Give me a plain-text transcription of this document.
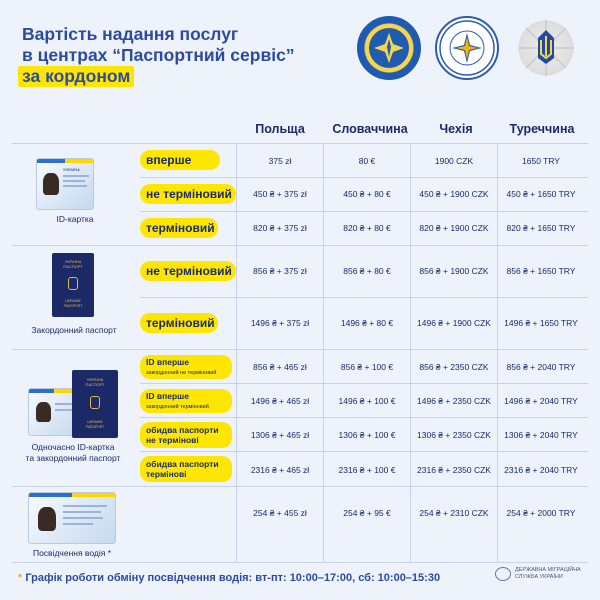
Вартість надання послуг
в центрах “Паспортний сервіс”
за кордоном
Польща	Словаччина	Чехія	Туреччина
УКРАЇНА
ID-картка
вперше
не терміновий
терміновий
375 zł	80 €	1900 CZK	1650 TRY
450 ₴ + 375 zł	450 ₴ + 80 €	450 ₴ + 1900 CZK	450 ₴ + 1650 TRY
820 ₴ + 375 zł	820 ₴ + 80 €	820 ₴ + 1900 CZK	820 ₴ + 1650 TRY
УКРАЇНА
ПАСПОРТ
UKRAINE
PASSPORT
Закордонний паспорт
не терміновий
терміновий
856 ₴ + 375 zł	856 ₴ + 80 €	856 ₴ + 1900 CZK	856 ₴ + 1650 TRY
1496 ₴ + 375 zł	1496 ₴ + 80 €	1496 ₴ + 1900 CZK	1496 ₴ + 1650 TRY
УКРАЇНА
ПАСПОРТ
UKRAINE
PASSPORT
Одночасно ID-картка
та закордонний паспорт
ID вперше
закордонний не терміновий
ID вперше
закордонний терміновий
обидва паспорти
не термінові
обидва паспорти
термінові
856 ₴ + 465 zł	856 ₴ + 100 €	856 ₴ + 2350 CZK	856 ₴ + 2040 TRY
1496 ₴ + 465 zł	1496 ₴ + 100 €	1496 ₴ + 2350 CZK	1496 ₴ + 2040 TRY
1306 ₴ + 465 zł	1306 ₴ + 100 €	1306 ₴ + 2350 CZK	1306 ₴ + 2040 TRY
2316 ₴ + 465 zł	2316 ₴ + 100 €	2316 ₴ + 2350 CZK	2316 ₴ + 2040 TRY
Посвідчення водія *
254 ₴ + 455 zł	254 ₴ + 95 €	254 ₴ + 2310 CZK	254 ₴ + 2000 TRY
* Графік роботи обміну посвідчення водія: вт-пт: 10:00–17:00, сб: 10:00–15:30
ДЕРЖАВНА МІГРАЦІЙНА
СЛУЖБА УКРАЇНИ
